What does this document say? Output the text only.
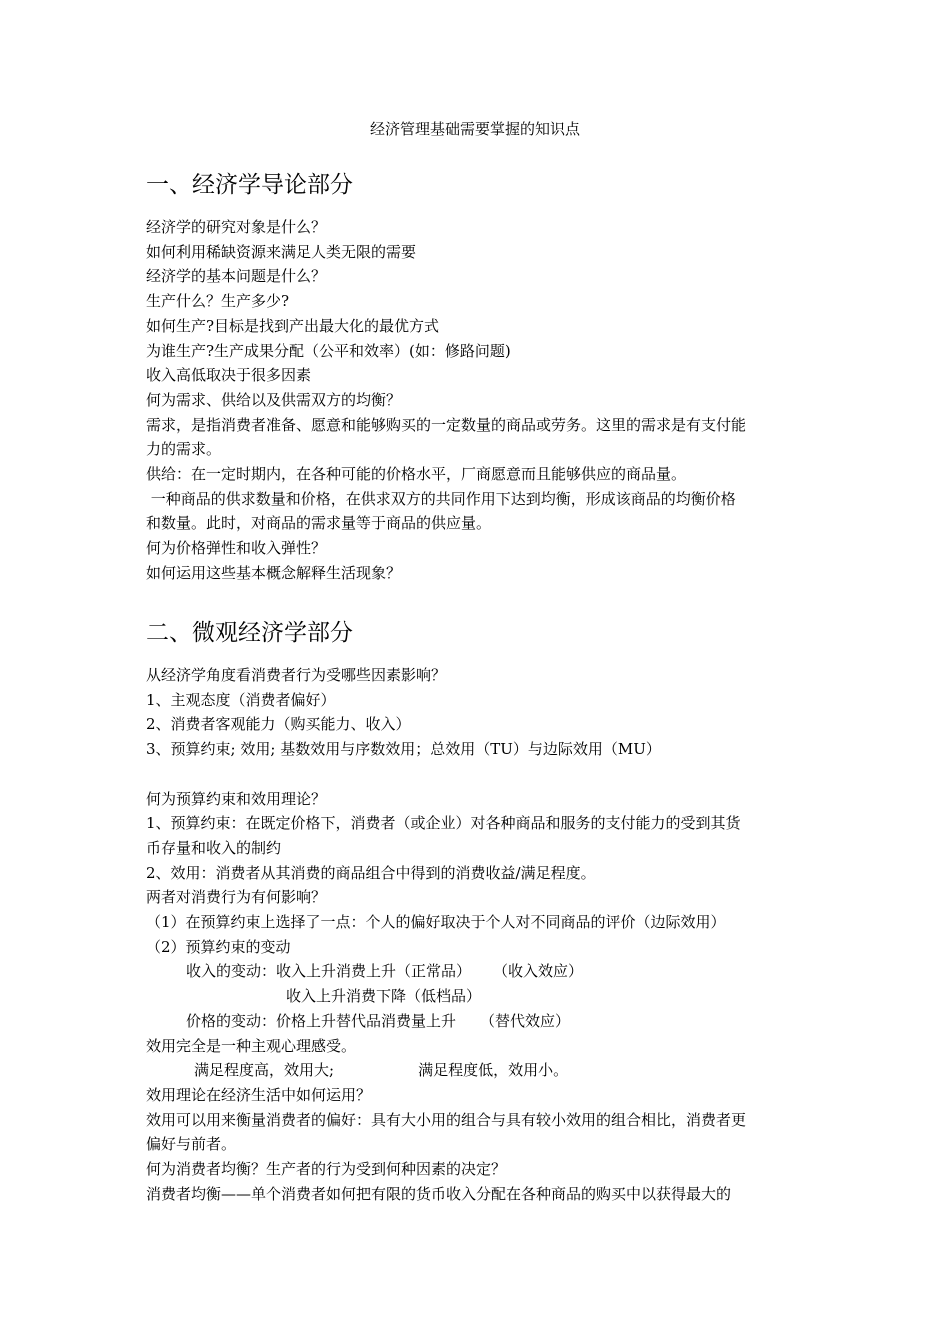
经济管理基础需要掌握的知识点
一、经济学导论部分

经济学的研究对象是什么？

如何利用稀缺资源来满足人类无限的需要

经济学的基本问题是什么？

生产什么？生产多少?

如何生产?目标是找到产出最大化的最优方式

为谁生产?生产成果分配（公平和效率）(如：修路问题)

收入高低取决于很多因素

何为需求、供给以及供需双方的均衡？

需求，是指消费者准备、愿意和能够购买的一定数量的商品或劳务。这里的需求是有支付能

力的需求。

供给：在一定时期内，在各种可能的价格水平，厂商愿意而且能够供应的商品量。

一种商品的供求数量和价格，在供求双方的共同作用下达到均衡，形成该商品的均衡价格

和数量。此时，对商品的需求量等于商品的供应量。

何为价格弹性和收入弹性？

如何运用这些基本概念解释生活现象？

二、微观经济学部分

从经济学角度看消费者行为受哪些因素影响？

1、主观态度（消费者偏好）

2、消费者客观能力（购买能力、收入）

3、预算约束; 效用; 基数效用与序数效用；总效用（TU）与边际效用（MU）

何为预算约束和效用理论？

1、预算约束：在既定价格下，消费者（或企业）对各种商品和服务的支付能力的受到其货

币存量和收入的制约

2、效用：消费者从其消费的商品组合中得到的消费收益/满足程度。

两者对消费行为有何影响？

（1）在预算约束上选择了一点：个人的偏好取决于个人对不同商品的评价（边际效用）

（2）预算约束的变动

收入的变动：收入上升消费上升（正常品） （收入效应）

收入上升消费下降（低档品）

价格的变动：价格上升替代品消费量上升 （替代效应）

效用完全是一种主观心理感受。

满足程度高，效用大;	满足程度低，效用小。

效用理论在经济生活中如何运用？

效用可以用来衡量消费者的偏好：具有大小用的组合与具有较小效用的组合相比，消费者更

偏好与前者。

何为消费者均衡？生产者的行为受到何种因素的决定？

消费者均衡——单个消费者如何把有限的货币收入分配在各种商品的购买中以获得最大的
